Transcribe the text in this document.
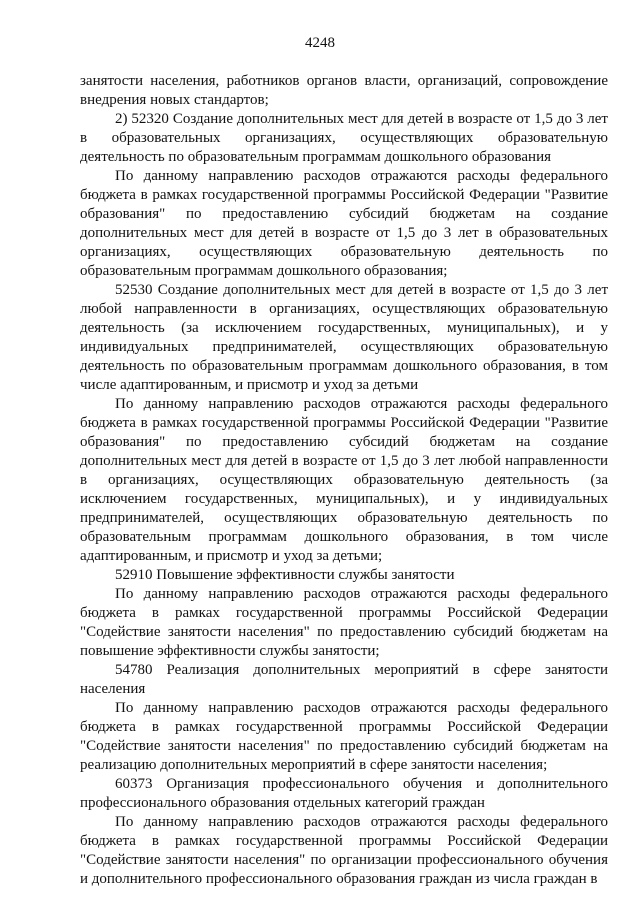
4248

занятости населения, работников органов власти, организаций, сопровождение внедрения новых стандартов;

2) 52320 Создание дополнительных мест для детей в возрасте от 1,5 до 3 лет в образовательных организациях, осуществляющих образовательную деятельность по образовательным программам дошкольного образования

По данному направлению расходов отражаются расходы федерального бюджета в рамках государственной программы Российской Федерации "Развитие образования" по предоставлению субсидий бюджетам на создание дополнительных мест для детей в возрасте от 1,5 до 3 лет в образовательных организациях, осуществляющих образовательную деятельность по образовательным программам дошкольного образования;

52530 Создание дополнительных мест для детей в возрасте от 1,5 до 3 лет любой направленности в организациях, осуществляющих образовательную деятельность (за исключением государственных, муниципальных), и у индивидуальных предпринимателей, осуществляющих образовательную деятельность по образовательным программам дошкольного образования, в том числе адаптированным, и присмотр и уход за детьми

По данному направлению расходов отражаются расходы федерального бюджета в рамках государственной программы Российской Федерации "Развитие образования" по предоставлению субсидий бюджетам на создание дополнительных мест для детей в возрасте от 1,5 до 3 лет любой направленности в организациях, осуществляющих образовательную деятельность (за исключением государственных, муниципальных), и у индивидуальных предпринимателей, осуществляющих образовательную деятельность по образовательным программам дошкольного образования, в том числе адаптированным, и присмотр и уход за детьми;

52910 Повышение эффективности службы занятости

По данному направлению расходов отражаются расходы федерального бюджета в рамках государственной программы Российской Федерации "Содействие занятости населения" по предоставлению субсидий бюджетам на повышение эффективности службы занятости;

54780 Реализация дополнительных мероприятий в сфере занятости населения

По данному направлению расходов отражаются расходы федерального бюджета в рамках государственной программы Российской Федерации "Содействие занятости населения" по предоставлению субсидий бюджетам на реализацию дополнительных мероприятий в сфере занятости населения;

60373 Организация профессионального обучения и дополнительного профессионального образования отдельных категорий граждан

По данному направлению расходов отражаются расходы федерального бюджета в рамках государственной программы Российской Федерации "Содействие занятости населения" по организации профессионального обучения и дополнительного профессионального образования граждан из числа граждан в
